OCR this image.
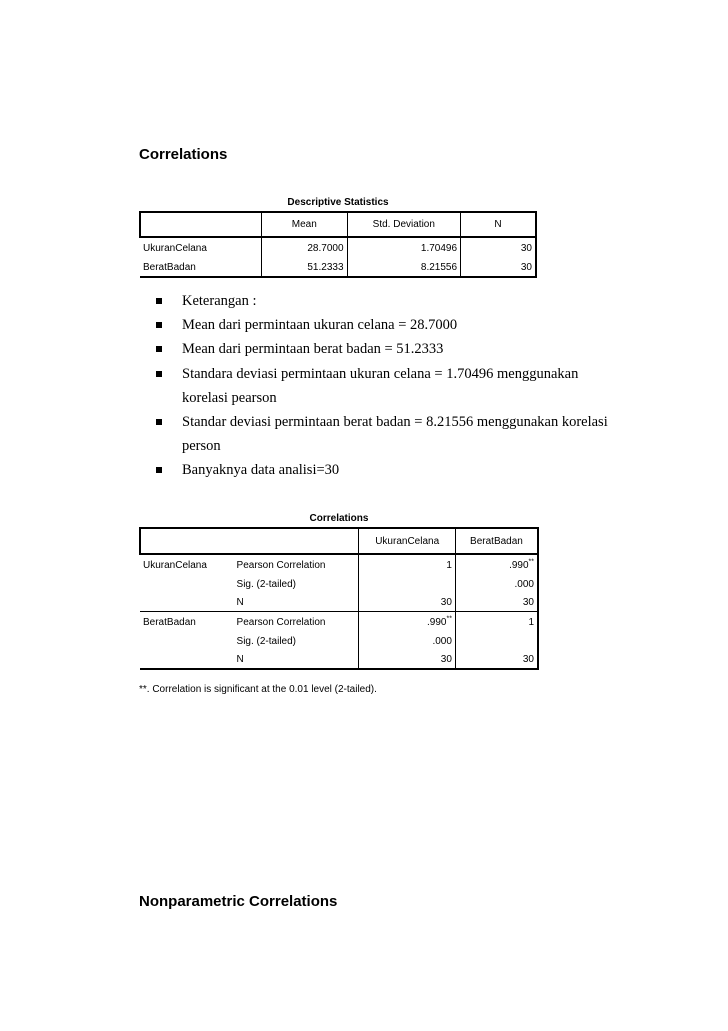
Correlations
Descriptive Statistics
	Mean	Std. Deviation	N
UkuranCelana	28.7000	1.70496	30
BeratBadan	51.2333	8.21556	30
Keterangan :
Mean dari permintaan ukuran celana = 28.7000
Mean dari permintaan berat badan = 51.2333
Standara deviasi permintaan ukuran celana = 1.70496 menggunakan
korelasi pearson
Standar deviasi permintaan berat badan = 8.21556 menggunakan korelasi
person
Banyaknya data analisi=30
Correlations
		UkuranCelana	BeratBadan
UkuranCelana	Pearson Correlation	1	.990**
	Sig. (2-tailed)		.000
	N	30	30
BeratBadan	Pearson Correlation	.990**	1
	Sig. (2-tailed)	.000	
	N	30	30
**. Correlation is significant at the 0.01 level (2-tailed).
Nonparametric Correlations
